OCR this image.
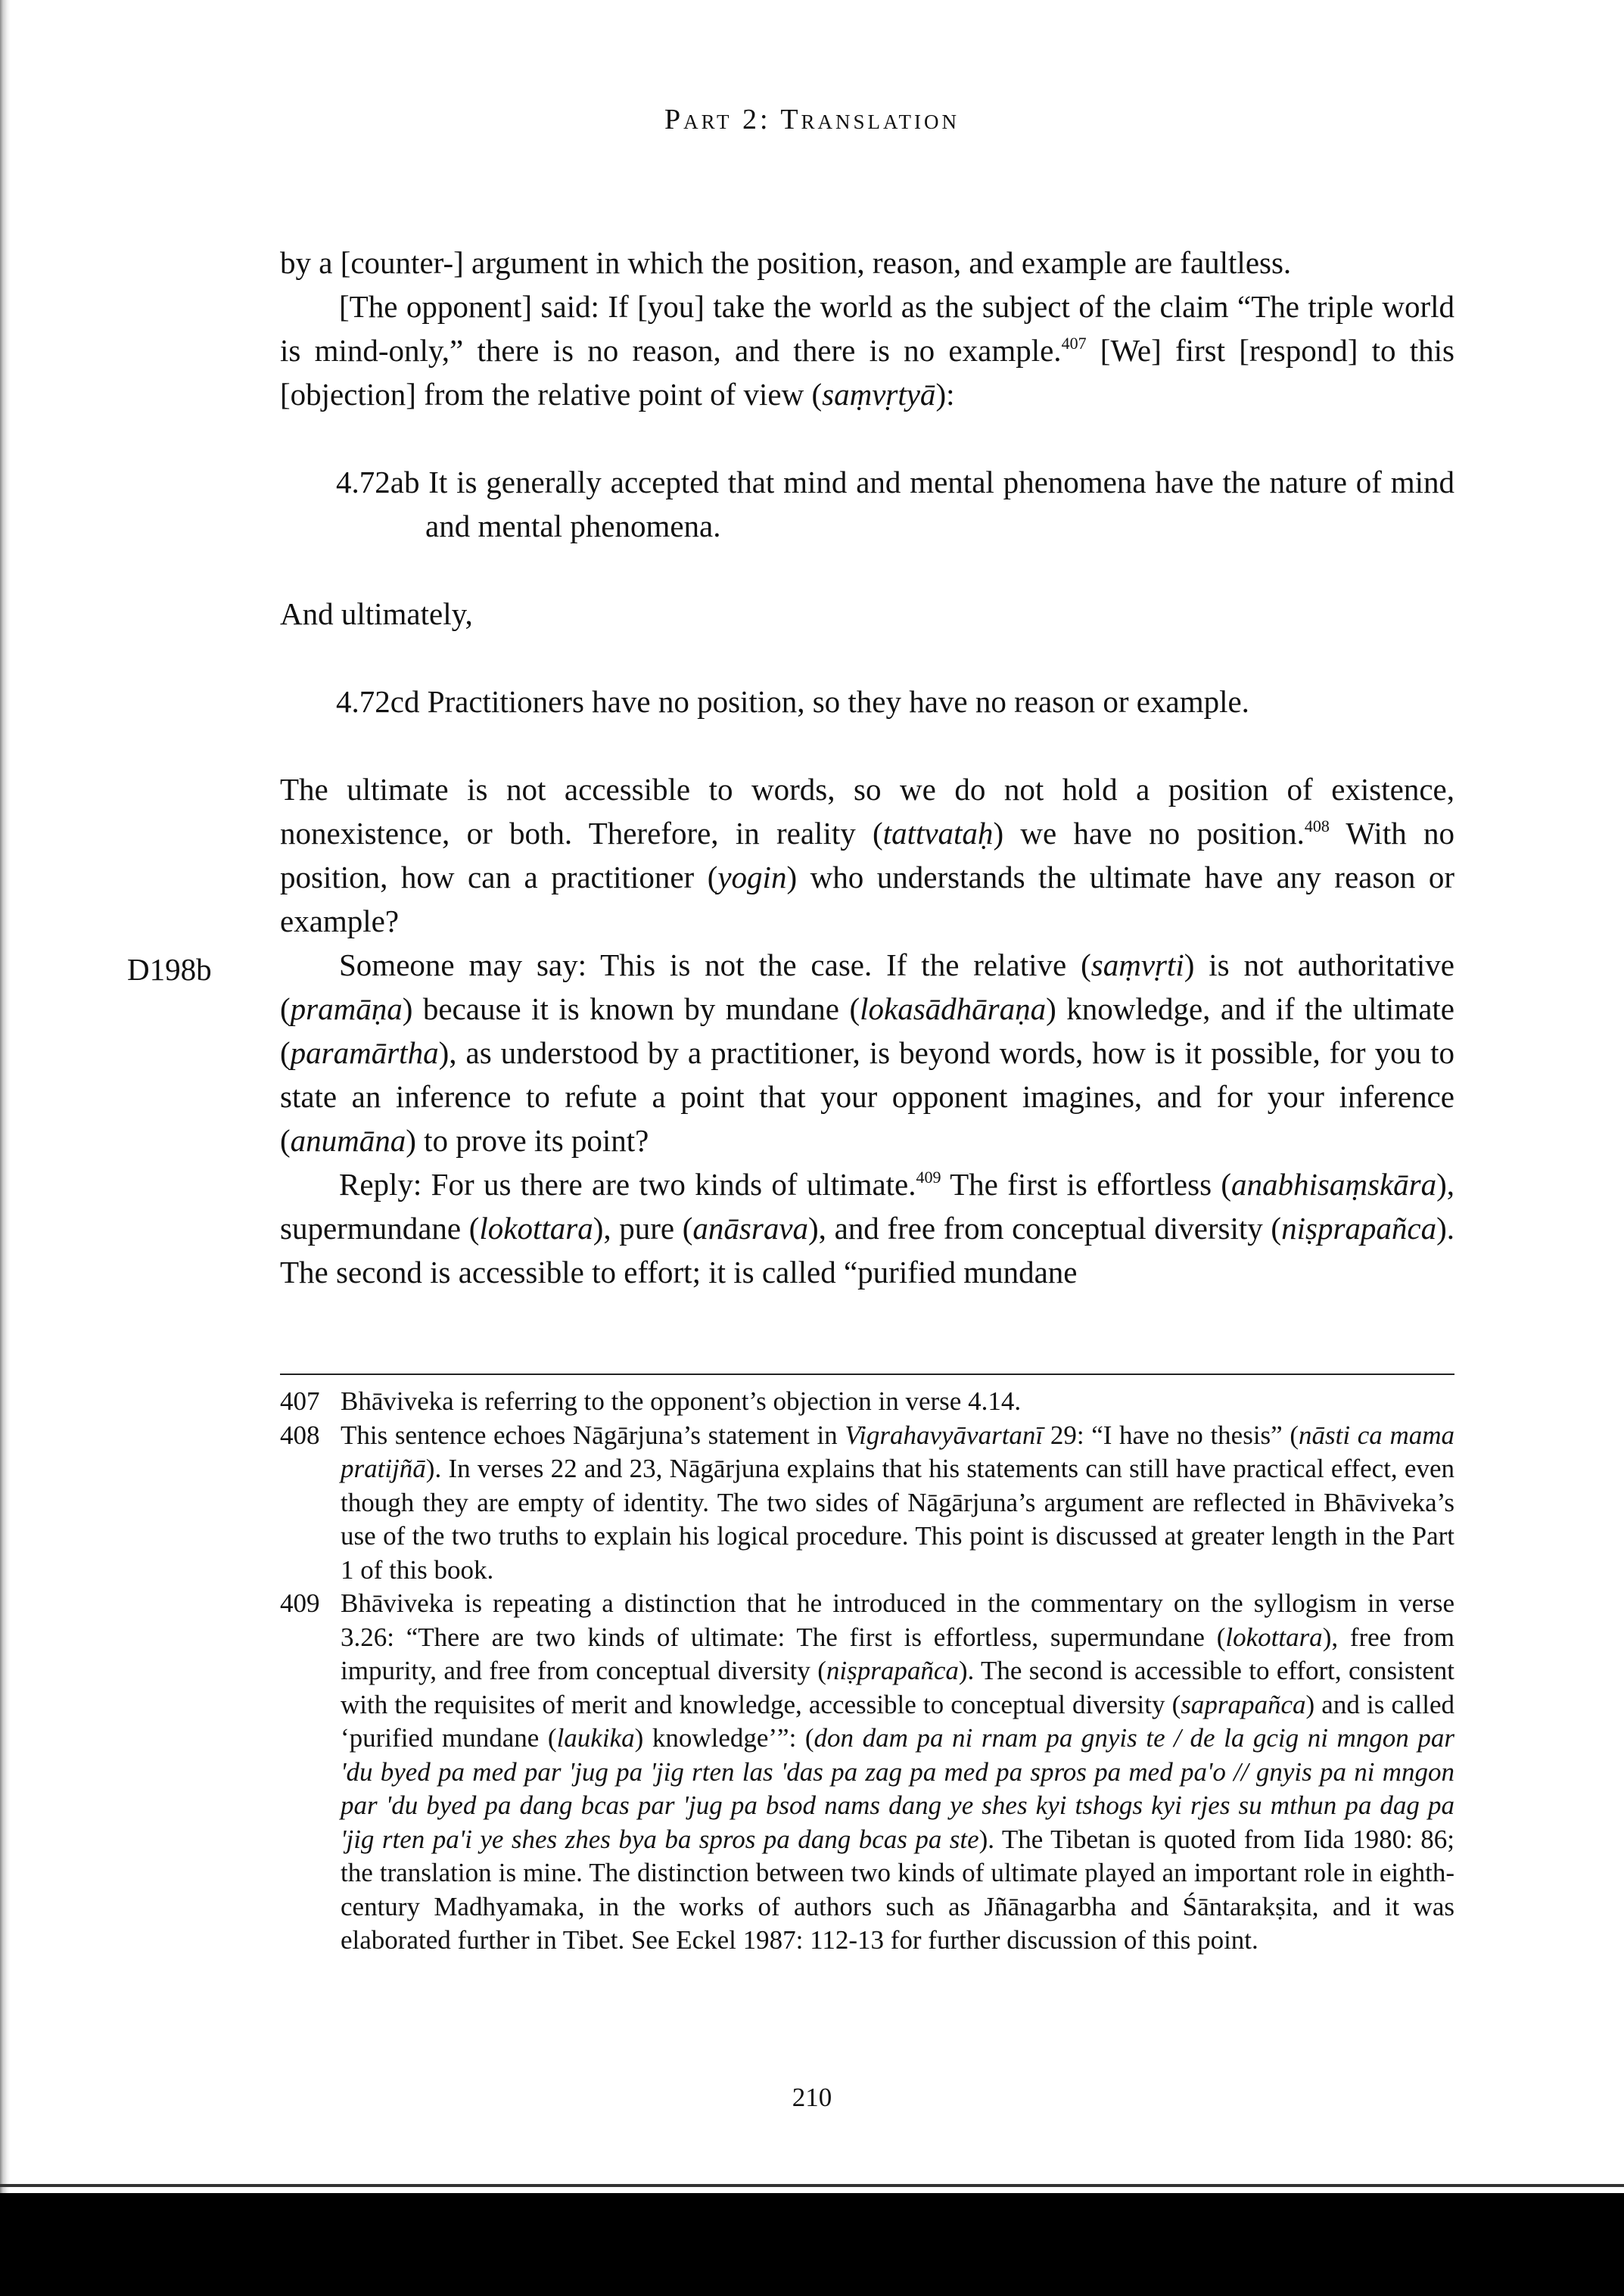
Part 2: Translation
D198b

by a [counter-] argument in which the position, reason, and example are faultless.

[The opponent] said: If [you] take the world as the subject of the claim “The triple world is mind-only,” there is no reason, and there is no example.$^{407}$ [We] first [respond] to this [objection] from the relative point of view (saṃvṛtyā):

4.72ab It is generally accepted that mind and mental phenomena have the nature of mind and mental phenomena.

And ultimately,

4.72cd Practitioners have no position, so they have no reason or example.

The ultimate is not accessible to words, so we do not hold a position of existence, nonexistence, or both. Therefore, in reality (tattvataḥ) we have no position.$^{408}$ With no position, how can a practitioner (yogin) who understands the ultimate have any reason or example?

Someone may say: This is not the case. If the relative (saṃvṛti) is not authoritative (pramāṇa) because it is known by mundane (lokasādhāraṇa) knowledge, and if the ultimate (paramārtha), as understood by a practitioner, is beyond words, how is it possible, for you to state an inference to refute a point that your opponent imagines, and for your inference (anumāna) to prove its point?

Reply: For us there are two kinds of ultimate.$^{409}$ The first is effortless (anabhisaṃskāra), supermundane (lokottara), pure (anāsrava), and free from conceptual diversity (niṣprapañca). The second is accessible to effort; it is called “purified mundane

407 Bhāviveka is referring to the opponent’s objection in verse 4.14.
408 This sentence echoes Nāgārjuna’s statement in Vigrahavyāvartanī 29: “I have no thesis” (nāsti ca mama pratijñā). In verses 22 and 23, Nāgārjuna explains that his statements can still have practical effect, even though they are empty of identity. The two sides of Nāgārjuna’s argument are reflected in Bhāviveka’s use of the two truths to explain his logical procedure. This point is discussed at greater length in the Part 1 of this book.
409 Bhāviveka is repeating a distinction that he introduced in the commentary on the syllogism in verse 3.26: “There are two kinds of ultimate: The first is effortless, supermundane (lokottara), free from impurity, and free from conceptual diversity (niṣprapañca). The second is accessible to effort, consistent with the requisites of merit and knowledge, accessible to conceptual diversity (saprapañca) and is called ‘purified mundane (laukika) knowledge’”: (don dam pa ni rnam pa gnyis te / de la gcig ni mngon par 'du byed pa med par 'jug pa 'jig rten las 'das pa zag pa med pa spros pa med pa'o // gnyis pa ni mngon par 'du byed pa dang bcas par 'jug pa bsod nams dang ye shes kyi tshogs kyi rjes su mthun pa dag pa 'jig rten pa'i ye shes zhes bya ba spros pa dang bcas pa ste). The Tibetan is quoted from Iida 1980: 86; the translation is mine. The distinction between two kinds of ultimate played an important role in eighth-century Madhyamaka, in the works of authors such as Jñānagarbha and Śāntarakṣita, and it was elaborated further in Tibet. See Eckel 1987: 112-13 for further discussion of this point.
210
